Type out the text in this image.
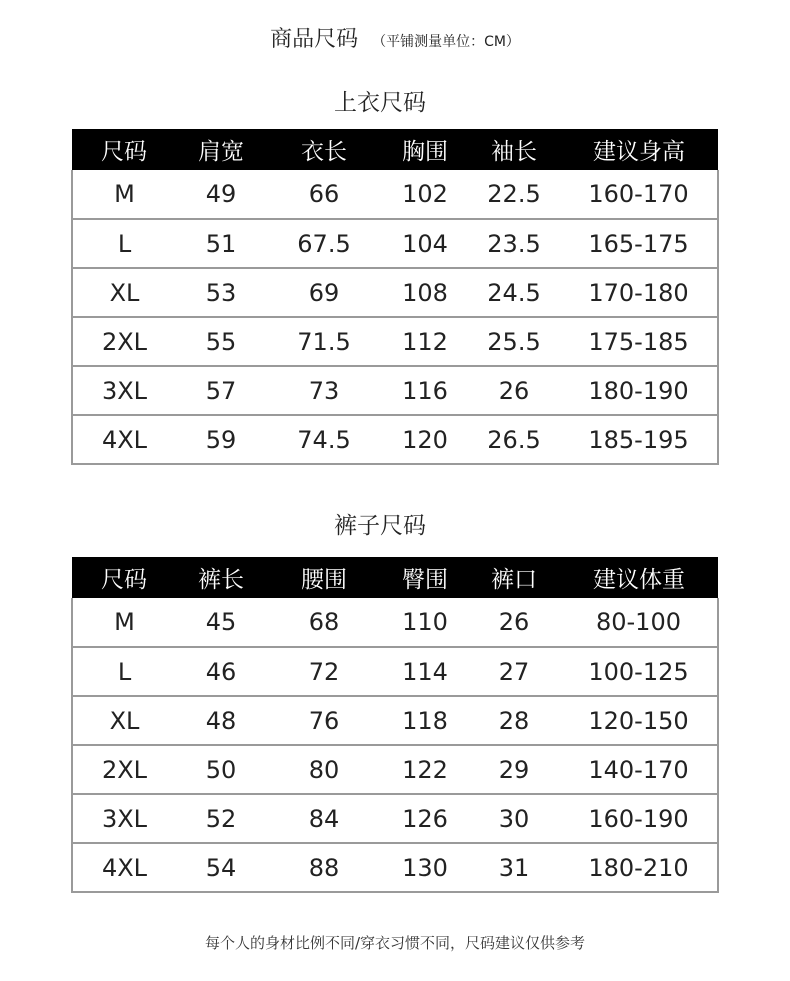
商品尺码 （平铺测量单位：CM）
上衣尺码
尺码	肩宽	衣长	胸围	袖长	建议身高
M	49	66	102	22.5	160-170
L	51	67.5	104	23.5	165-175
XL	53	69	108	24.5	170-180
2XL	55	71.5	112	25.5	175-185
3XL	57	73	116	26	180-190
4XL	59	74.5	120	26.5	185-195
裤子尺码
尺码	裤长	腰围	臀围	裤口	建议体重
M	45	68	110	26	80-100
L	46	72	114	27	100-125
XL	48	76	118	28	120-150
2XL	50	80	122	29	140-170
3XL	52	84	126	30	160-190
4XL	54	88	130	31	180-210
每个人的身材比例不同/穿衣习惯不同，尺码建议仅供参考
